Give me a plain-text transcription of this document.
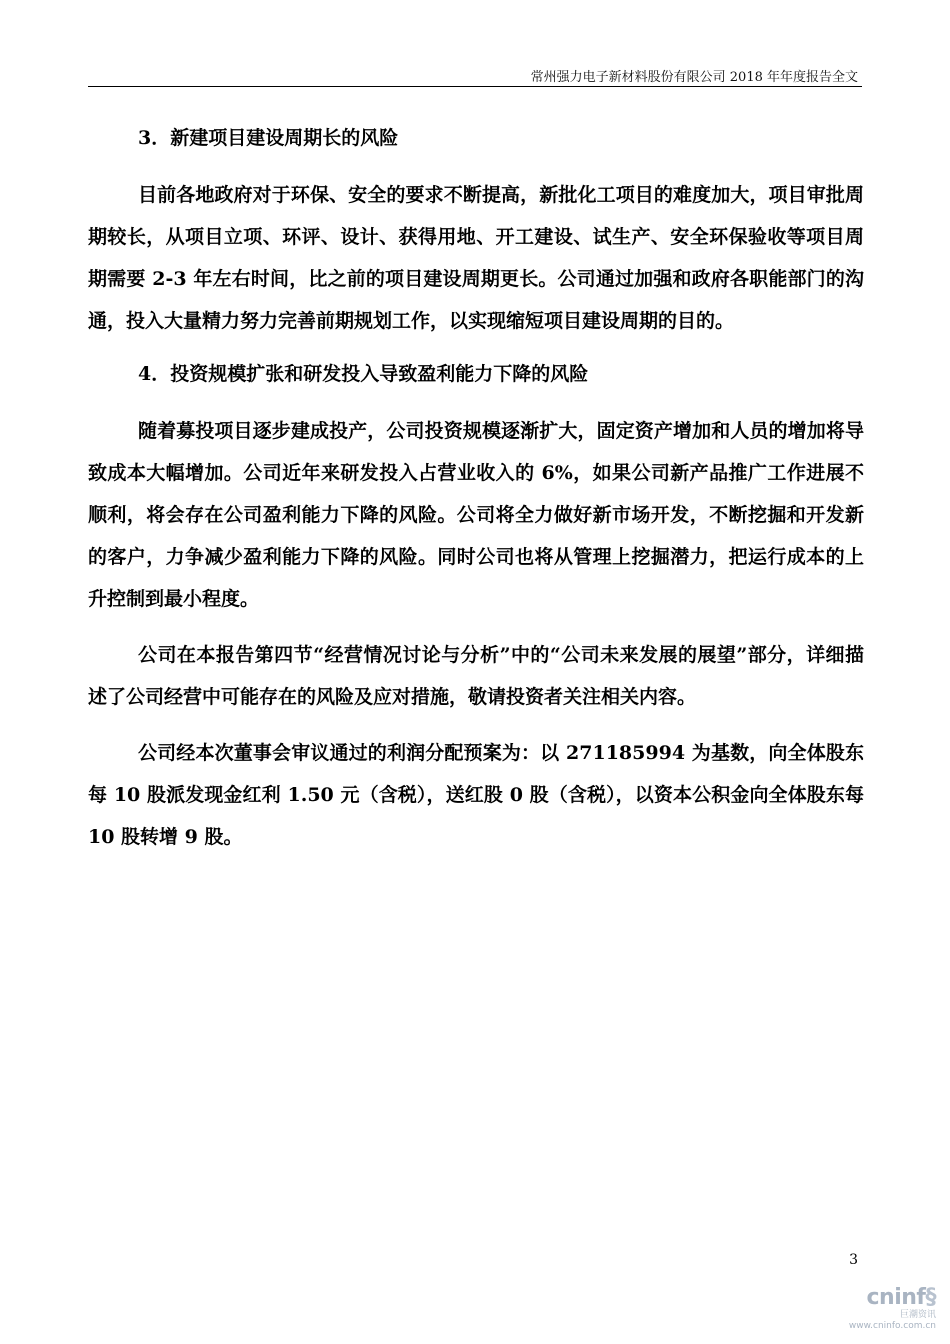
常州强力电子新材料股份有限公司 2018 年年度报告全文
3．新建项目建设周期长的风险

目前各地政府对于环保、安全的要求不断提高，新批化工项目的难度加大，项目审批周期较长，从项目立项、环评、设计、获得用地、开工建设、试生产、安全环保验收等项目周期需要 2-3 年左右时间，比之前的项目建设周期更长。公司通过加强和政府各职能部门的沟通，投入大量精力努力完善前期规划工作，以实现缩短项目建设周期的目的。

4．投资规模扩张和研发投入导致盈利能力下降的风险

随着募投项目逐步建成投产，公司投资规模逐渐扩大，固定资产增加和人员的增加将导致成本大幅增加。公司近年来研发投入占营业收入的 6%，如果公司新产品推广工作进展不顺利，将会存在公司盈利能力下降的风险。公司将全力做好新市场开发，不断挖掘和开发新的客户，力争减少盈利能力下降的风险。同时公司也将从管理上挖掘潜力，把运行成本的上升控制到最小程度。

公司在本报告第四节“经营情况讨论与分析”中的“公司未来发展的展望”部分，详细描述了公司经营中可能存在的风险及应对措施，敬请投资者关注相关内容。

公司经本次董事会审议通过的利润分配预案为：以 271185994 为基数，向全体股东每 10 股派发现金红利 1.50 元（含税），送红股 0 股（含税），以资本公积金向全体股东每 10 股转增 9 股。

3
cninf§
巨潮资讯
www.cninfo.com.cn
